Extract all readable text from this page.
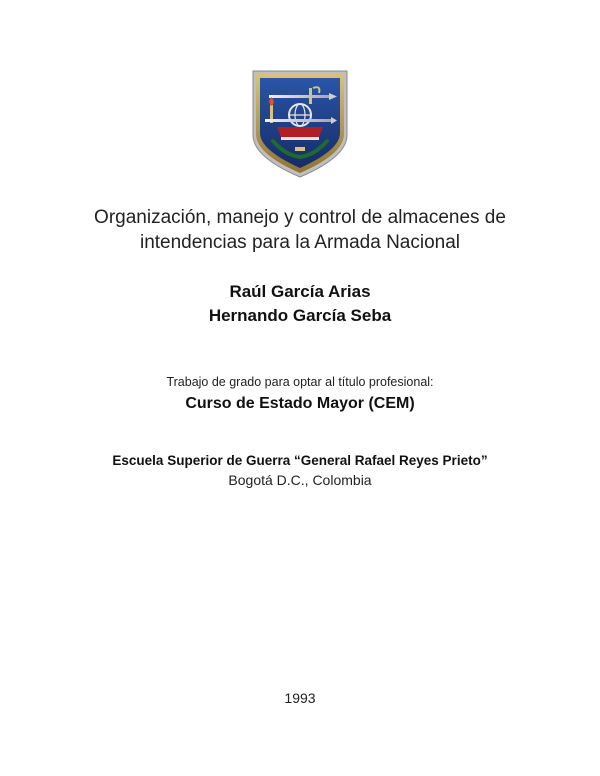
Organización, manejo y control de almacenes de
intendencias para la Armada Nacional
Raúl García Arias
Hernando García Seba
Trabajo de grado para optar al título profesional:
Curso de Estado Mayor (CEM)
Escuela Superior de Guerra “General Rafael Reyes Prieto”
Bogotá D.C., Colombia
1993
